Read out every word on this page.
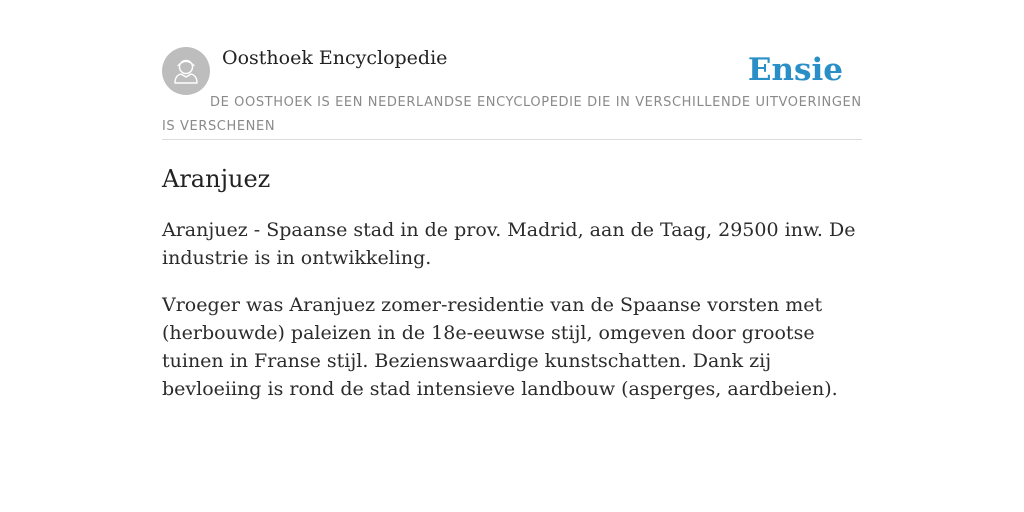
Oosthoek Encyclopedie	Ensie
DE OOSTHOEK IS EEN NEDERLANDSE ENCYCLOPEDIE DIE IN VERSCHILLENDE UITVOERINGEN IS VERSCHENEN
Aranjuez

Aranjuez - Spaanse stad in de prov. Madrid, aan de Taag, 29500 inw. De industrie is in ontwikkeling.

Vroeger was Aranjuez zomer-residentie van de Spaanse vorsten met (herbouwde) paleizen in de 18e-eeuwse stijl, omgeven door grootse tuinen in Franse stijl. Bezienswaardige kunstschatten. Dank zij bevloeiing is rond de stad intensieve landbouw (asperges, aardbeien).
